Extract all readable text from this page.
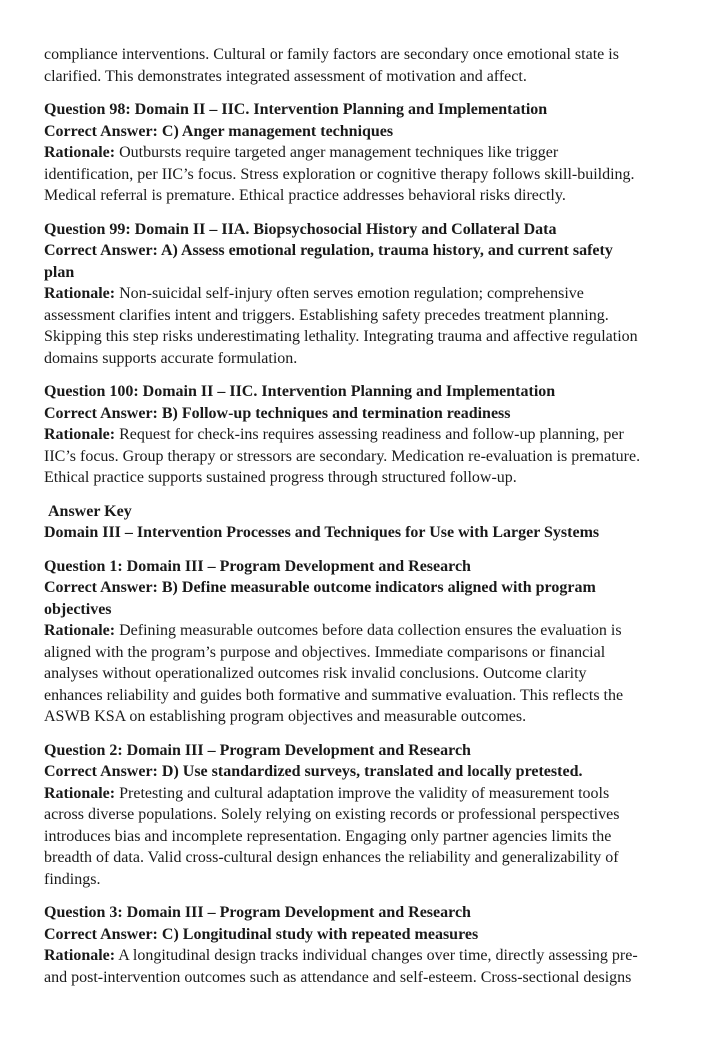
compliance interventions. Cultural or family factors are secondary once emotional state is clarified. This demonstrates integrated assessment of motivation and affect.

Question 98: Domain II – IIC. Intervention Planning and Implementation
Correct Answer: C) Anger management techniques

Rationale: Outbursts require targeted anger management techniques like trigger identification, per IIC’s focus. Stress exploration or cognitive therapy follows skill-building. Medical referral is premature. Ethical practice addresses behavioral risks directly.

Question 99: Domain II – IIA. Biopsychosocial History and Collateral Data
Correct Answer: A) Assess emotional regulation, trauma history, and current safety plan

Rationale: Non-suicidal self-injury often serves emotion regulation; comprehensive assessment clarifies intent and triggers. Establishing safety precedes treatment planning. Skipping this step risks underestimating lethality. Integrating trauma and affective regulation domains supports accurate formulation.

Question 100: Domain II – IIC. Intervention Planning and Implementation
Correct Answer: B) Follow-up techniques and termination readiness

Rationale: Request for check-ins requires assessing readiness and follow-up planning, per IIC’s focus. Group therapy or stressors are secondary. Medication re-evaluation is premature. Ethical practice supports sustained progress through structured follow-up.

Answer Key
Domain III – Intervention Processes and Techniques for Use with Larger Systems
Question 1: Domain III – Program Development and Research
Correct Answer: B) Define measurable outcome indicators aligned with program objectives

Rationale: Defining measurable outcomes before data collection ensures the evaluation is aligned with the program’s purpose and objectives. Immediate comparisons or financial analyses without operationalized outcomes risk invalid conclusions. Outcome clarity enhances reliability and guides both formative and summative evaluation. This reflects the ASWB KSA on establishing program objectives and measurable outcomes.

Question 2: Domain III – Program Development and Research
Correct Answer: D) Use standardized surveys, translated and locally pretested.

Rationale: Pretesting and cultural adaptation improve the validity of measurement tools across diverse populations. Solely relying on existing records or professional perspectives introduces bias and incomplete representation. Engaging only partner agencies limits the breadth of data. Valid cross-cultural design enhances the reliability and generalizability of findings.

Question 3: Domain III – Program Development and Research
Correct Answer: C) Longitudinal study with repeated measures

Rationale: A longitudinal design tracks individual changes over time, directly assessing pre- and post-intervention outcomes such as attendance and self-esteem. Cross-sectional designs
